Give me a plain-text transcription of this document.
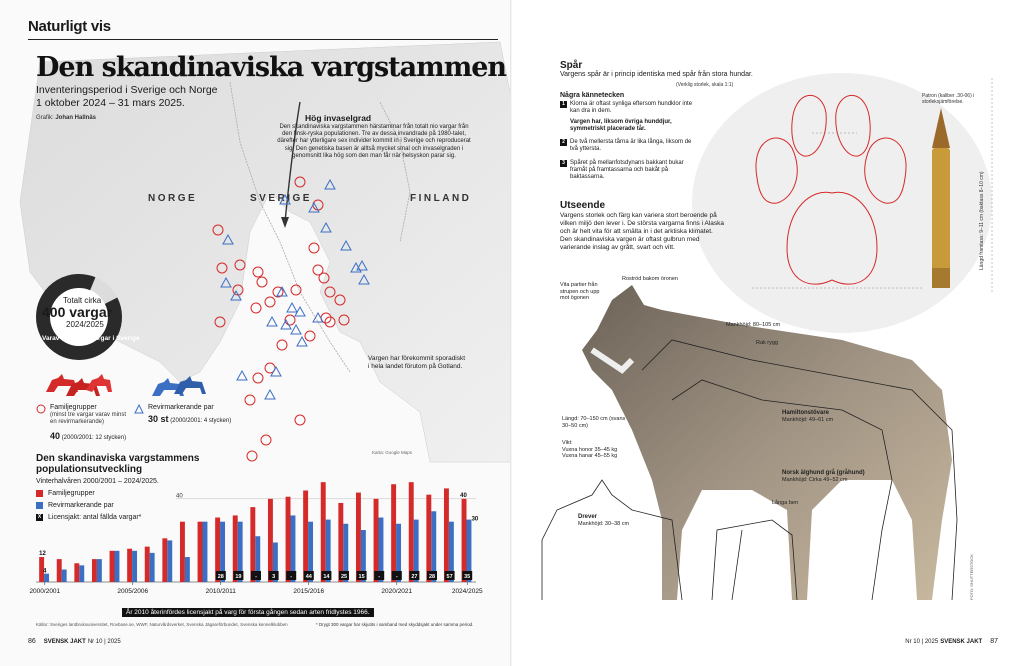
Naturligt vis
Den skandinaviska vargstammen
Inventeringsperiod i Sverige och Norge
1 oktober 2024 – 31 mars 2025.
Grafik: Johan Hallnäs	Hög invaselgrad
Den skandinaviska vargstammen härstammar från totalt nio vargar från den finsk-ryska populationen. Tre av dessa invandrade på 1980-talet, därefter har ytterligare sex individer kommit in i Sverige och reproducerat sig. Den genetiska basen är alltså mycket smal och invaselgraden i genomsnitt lika hög som den man får när helsyskon parar sig.
NORGE	SVERIGE	FINLAND
Totalt cirka
400 vargar
2024/2025
Varav cirka 355 vargar i Sverige
Vargen har förekommit sporadiskt i hela landet förutom på Gotland.
Familjegrupper
(minst tre vargar varav minst en revirmarkerande)
40 (2000/2001: 12 stycken)
Revirmarkerande par
30 st (2000/2001: 4 stycken)
Karta: Google Maps
Den skandinaviska vargstammens populationsutveckling
40
28 19 -	3	- 44 14 25 15 -	- 27 28 57 35
2000/2001	2005/2006	2010/2011	2015/2016	2020/2021	2024/2025
12
4
40
30
Vinterhalvåren 2000/2001 – 2024/2025.
Familjegrupper
Revirmarkerande par
X Licensjakt: antal fällda vargar*
År 2010 återinfördes licensjakt på varg för första gången sedan arten fridlystes 1966.
Källor: Sveriges lantbruksuniversitet, Rovbase.se, WWF, Naturvårdsverket, Svenska Jägareförbundet, Svenska kennelklubben	* Drygt 300 vargar har skjutits i samband med skyddsjakt under samma period.
86 SVENSK JAKT Nr 10 | 2025
Spår
Vargens spår är i princip identiska med spår från stora hundar.
(Verklig storlek, skala 1:1)
Några kännetecken
1 Klorna är oftast synliga eftersom hundklor inte kan dra in dem.
Vargen har, liksom övriga hunddjur, symmetriskt placerade tår.
2 De två mellersta tårna är lika långa, liksom de två yttersta.
3 Spåret på mellanfotsdynans bakkant bukar framåt på framtassarna och bakåt på baktassarna.
Utseende
Vargens storlek och färg kan variera stort beroende på vilken miljö den lever i. De största vargarna finns i Alaska och är helt vita för att smälta in i det arktiska klimatet. Den skandinaviska vargen är oftast gulbrun med varierande inslag av grått, svart och vitt.
Patron (kaliber .30-06) i storleksjämförelse.
Längd framtass: 9–11 cm (baktass 8–10 cm)
Vita partier från strupen och upp mot ögonen
Roströd bakom öronen
Mankhöjd: 80–105 cm
Rak rygg
Längd: 70–150 cm (svans 30–50 cm)
Vikt:
Vuxna honor 35–45 kg
Vuxna hanar 45–55 kg
Hamiltonstövare
Mankhöjd: 49–61 cm
Norsk älghund grå (gråhund)
Mankhöjd: Cirka 49–52 cm
Långa ben
Drever
Mankhöjd: 30–38 cm
FOTO: SHUTTERSTOCK
Nr 10 | 2025 SVENSK JAKT 87
